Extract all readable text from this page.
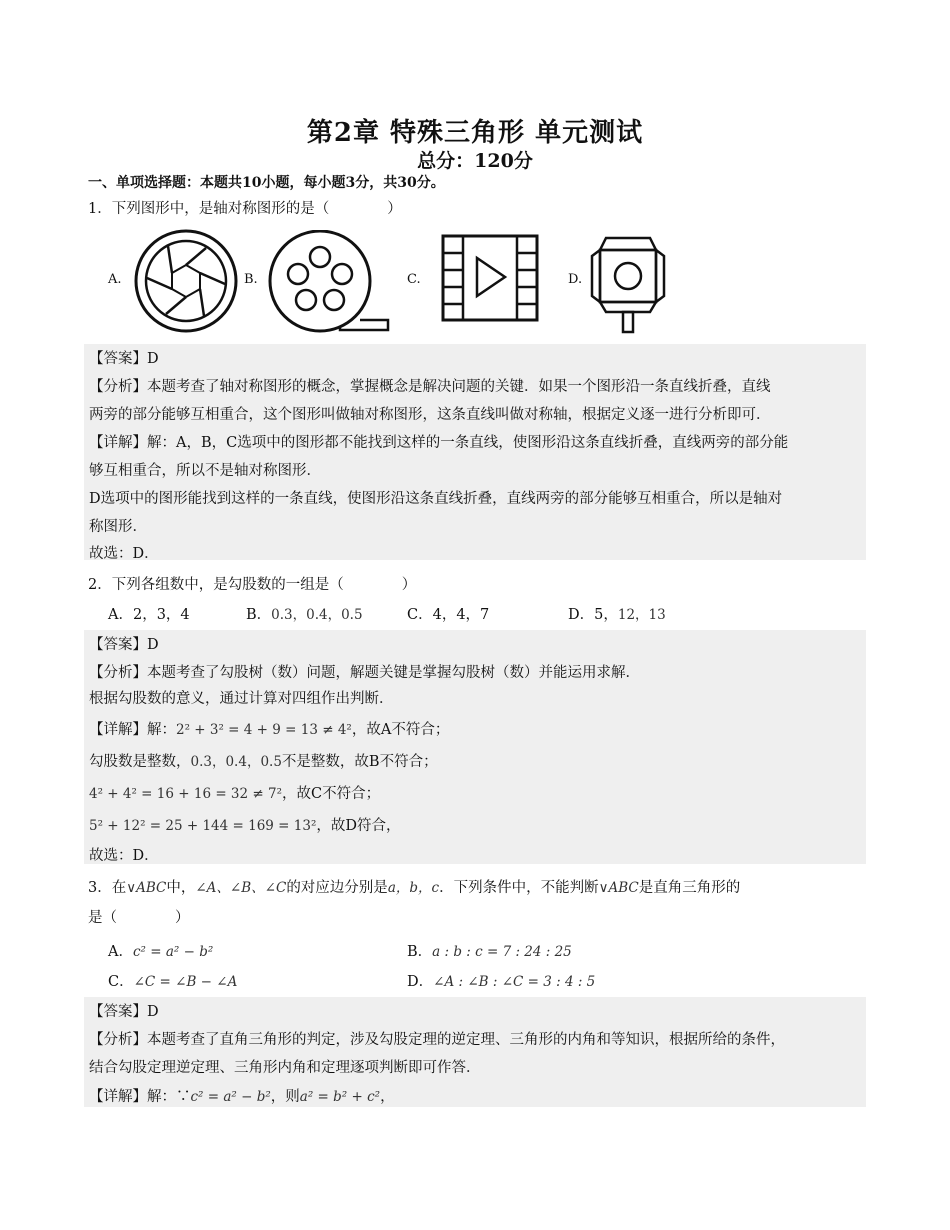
第2章 特殊三角形 单元测试
总分：120分
一、单项选择题：本题共10小题，每小题3分，共30分。
1．下列图形中，是轴对称图形的是（　　　　）
A.	B.	C.	D.
【答案】D
【分析】本题考查了轴对称图形的概念，掌握概念是解决问题的关键．如果一个图形沿一条直线折叠，直线
两旁的部分能够互相重合，这个图形叫做轴对称图形，这条直线叫做对称轴，根据定义逐一进行分析即可．
【详解】解：A，B，C选项中的图形都不能找到这样的一条直线，使图形沿这条直线折叠，直线两旁的部分能
够互相重合，所以不是轴对称图形．
D选项中的图形能找到这样的一条直线，使图形沿这条直线折叠，直线两旁的部分能够互相重合，所以是轴对
称图形．
故选：D．
2．下列各组数中，是勾股数的一组是（　　　　）
A．2，3，4	B．0.3，0.4，0.5	C．4，4，7	D．5，12，13
【答案】D
【分析】本题考查了勾股树（数）问题，解题关键是掌握勾股树（数）并能运用求解．
根据勾股数的意义，通过计算对四组作出判断．
【详解】解：2² + 3² = 4 + 9 = 13 ≠ 4²，故A不符合；
勾股数是整数，0.3，0.4，0.5不是整数，故B不符合；
4² + 4² = 16 + 16 = 32 ≠ 7²，故C不符合；
5² + 12² = 25 + 144 = 169 = 13²，故D符合，
故选：D．
3．在∨ABC中，∠A、∠B、∠C的对应边分别是a，b，c．下列条件中，不能判断∨ABC是直角三角形的
是（　　　　）
A．c² = a² − b²	B．a : b : c = 7 : 24 : 25
C．∠C = ∠B − ∠A	D．∠A : ∠B : ∠C = 3 : 4 : 5
【答案】D
【分析】本题考查了直角三角形的判定，涉及勾股定理的逆定理、三角形的内角和等知识，根据所给的条件，
结合勾股定理逆定理、三角形内角和定理逐项判断即可作答．
【详解】解：∵c² = a² − b²，则a² = b² + c²，
